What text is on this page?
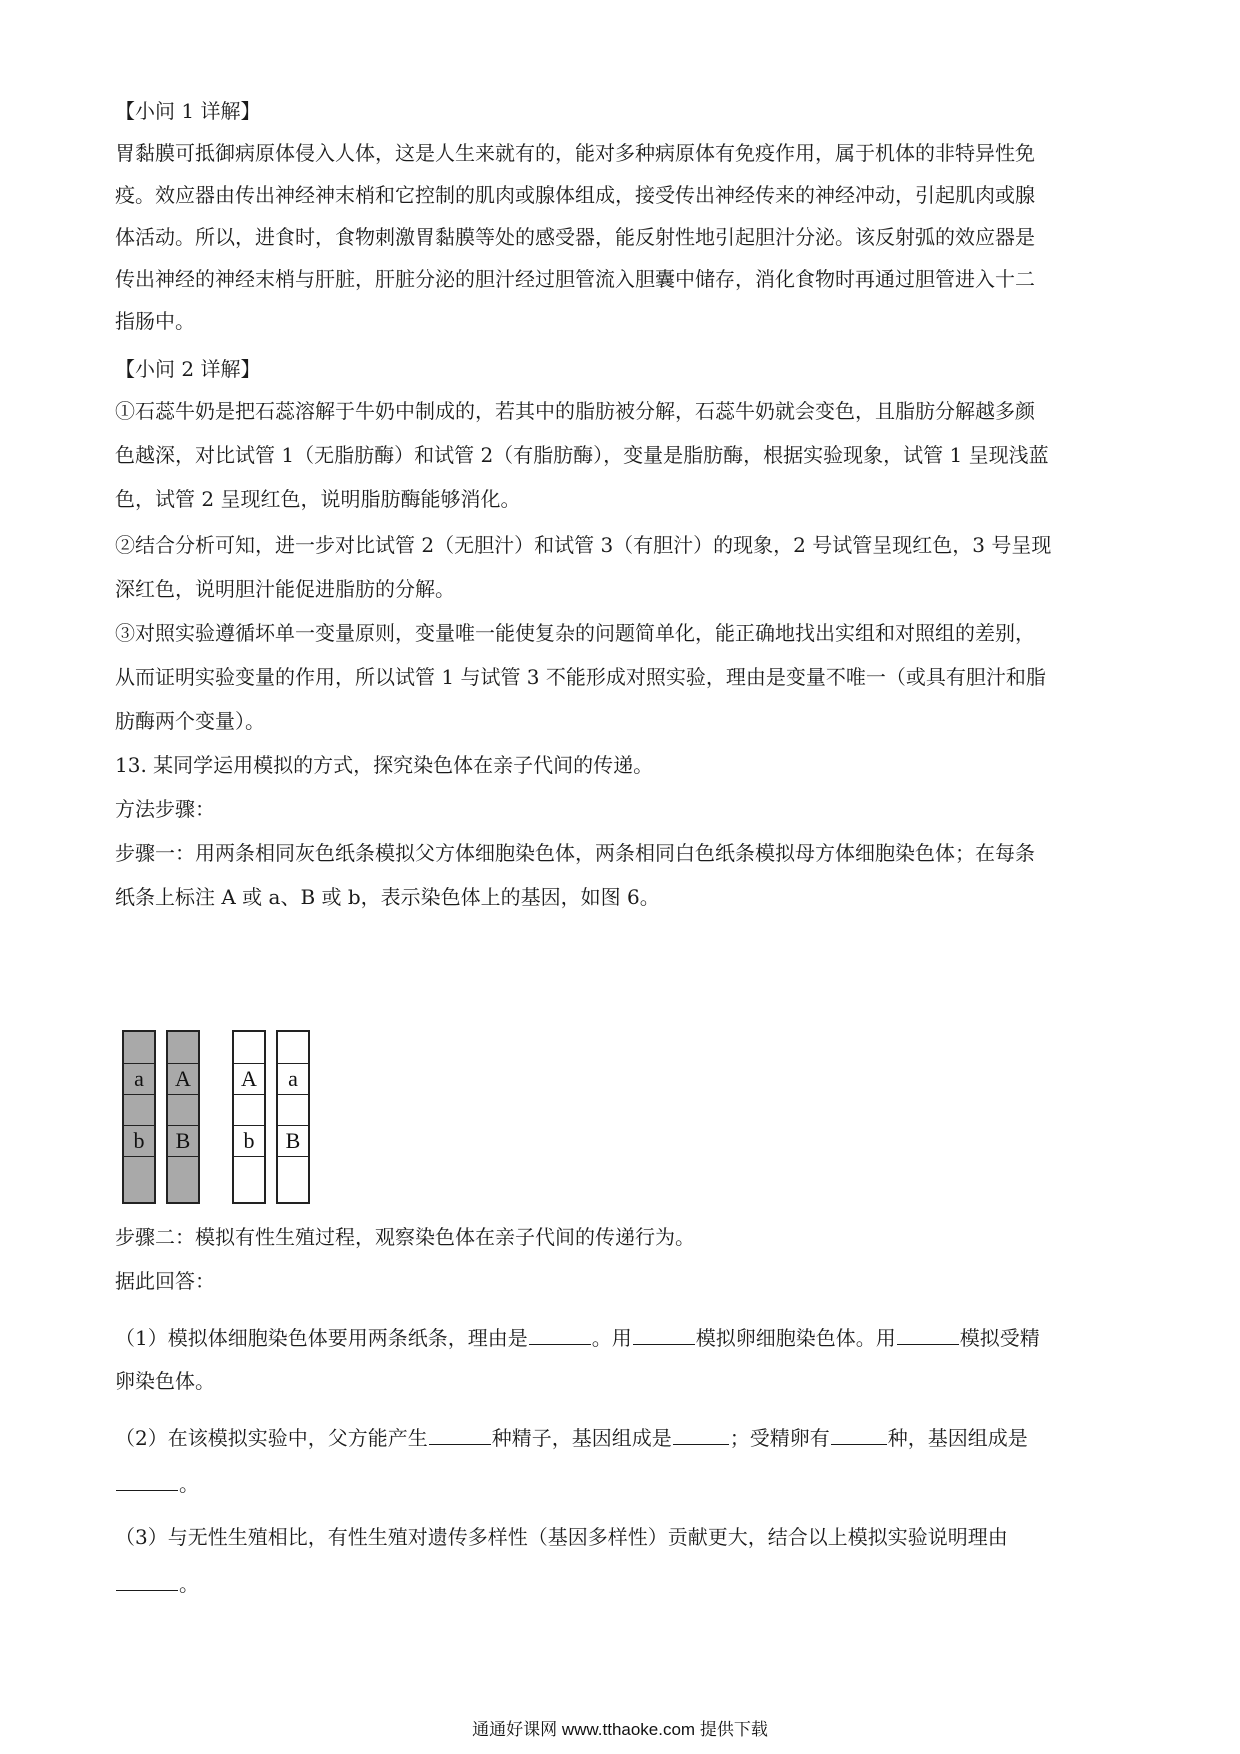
【小问 1 详解】
胃黏膜可抵御病原体侵入人体，这是人生来就有的，能对多种病原体有免疫作用，属于机体的非特异性免
疫。效应器由传出神经神末梢和它控制的肌肉或腺体组成，接受传出神经传来的神经冲动，引起肌肉或腺
体活动。所以，进食时，食物刺激胃黏膜等处的感受器，能反射性地引起胆汁分泌。该反射弧的效应器是
传出神经的神经末梢与肝脏，肝脏分泌的胆汁经过胆管流入胆囊中储存，消化食物时再通过胆管进入十二
指肠中。
【小问 2 详解】
①石蕊牛奶是把石蕊溶解于牛奶中制成的，若其中的脂肪被分解，石蕊牛奶就会变色，且脂肪分解越多颜
色越深，对比试管 1（无脂肪酶）和试管 2（有脂肪酶），变量是脂肪酶，根据实验现象，试管 1 呈现浅蓝
色，试管 2 呈现红色，说明脂肪酶能够消化。
②结合分析可知，进一步对比试管 2（无胆汁）和试管 3（有胆汁）的现象，2 号试管呈现红色，3 号呈现
深红色，说明胆汁能促进脂肪的分解。
③对照实验遵循坏单一变量原则，变量唯一能使复杂的问题简单化，能正确地找出实组和对照组的差别，
从而证明实验变量的作用，所以试管 1 与试管 3 不能形成对照实验，理由是变量不唯一（或具有胆汁和脂
肪酶两个变量）。
13. 某同学运用模拟的方式，探究染色体在亲子代间的传递。
方法步骤：
步骤一：用两条相同灰色纸条模拟父方体细胞染色体，两条相同白色纸条模拟母方体细胞染色体；在每条
纸条上标注 A 或 a、B 或 b，表示染色体上的基因，如图 6。
a
b
A
B
A
b
a
B
步骤二：模拟有性生殖过程，观察染色体在亲子代间的传递行为。
据此回答：
（1）模拟体细胞染色体要用两条纸条，理由是	。用	模拟卵细胞染色体。用	模拟受精
卵染色体。
（2）在该模拟实验中，父方能产生	种精子，基因组成是	；受精卵有	种，基因组成是
。
（3）与无性生殖相比，有性生殖对遗传多样性（基因多样性）贡献更大，结合以上模拟实验说明理由
。
通通好课网 www.tthaoke.com 提供下载
